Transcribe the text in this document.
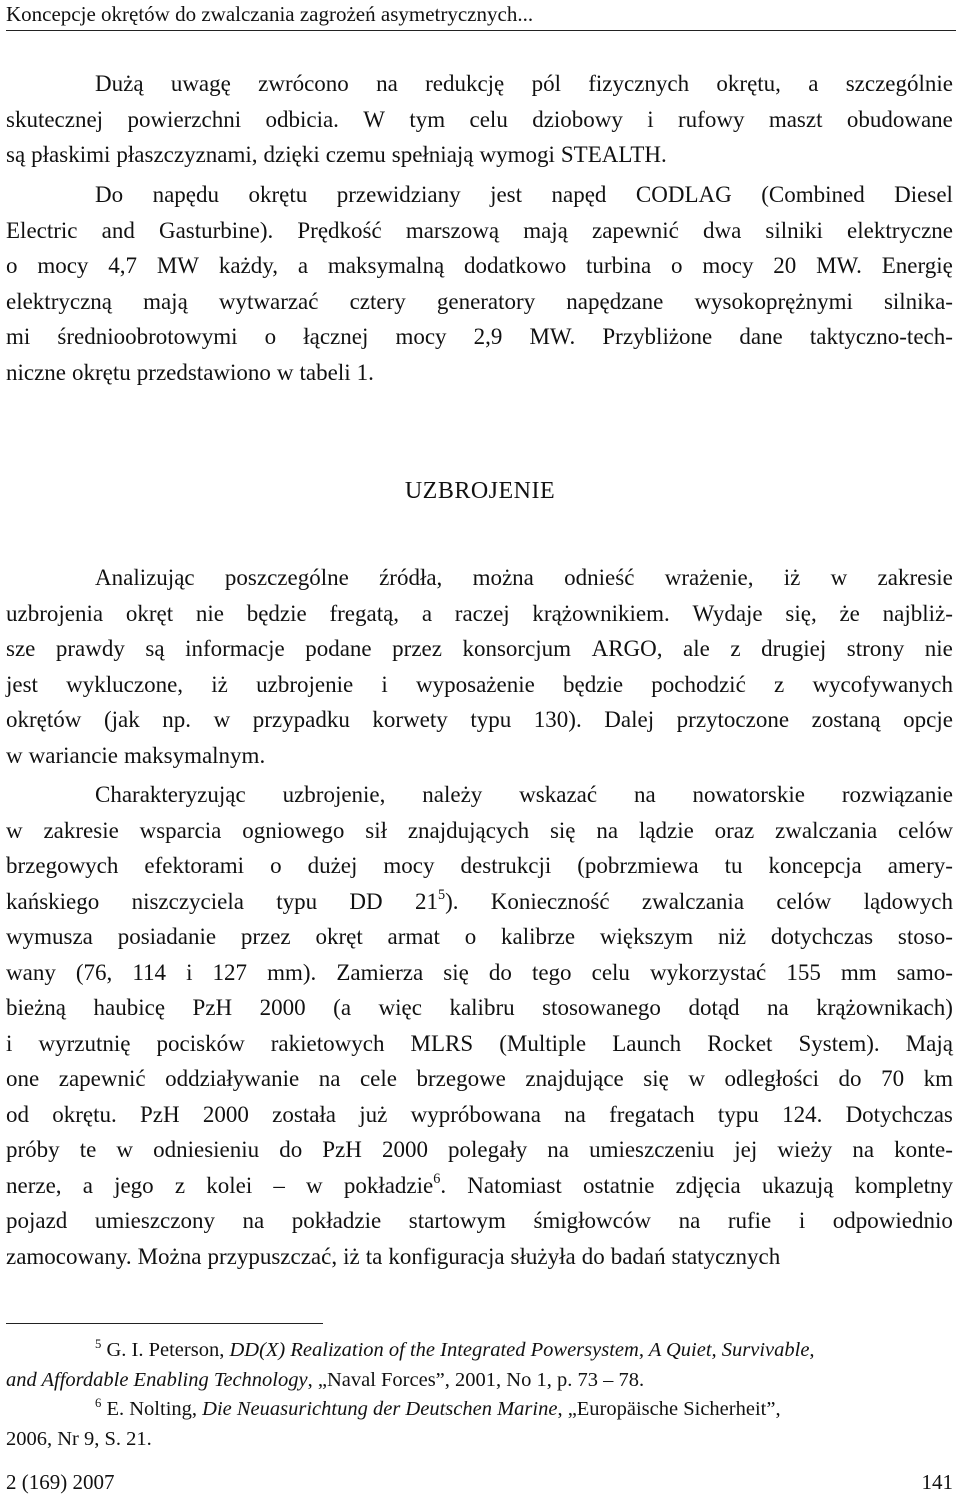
Koncepcje okrętów do zwalczania zagrożeń asymetrycznych...
Dużą uwagę zwrócono na redukcję pól fizycznych okrętu, a szczególnie
skutecznej powierzchni odbicia. W tym celu dziobowy i rufowy maszt obudowane
są płaskimi płaszczyznami, dzięki czemu spełniają wymogi STEALTH.
Do napędu okrętu przewidziany jest napęd CODLAG (Combined Diesel
Electric and Gasturbine). Prędkość marszową mają zapewnić dwa silniki elektryczne
o mocy 4,7 MW każdy, a maksymalną dodatkowo turbina o mocy 20 MW. Energię
elektryczną mają wytwarzać cztery generatory napędzane wysokoprężnymi silnika-
mi średnioobrotowymi o łącznej mocy 2,9 MW. Przybliżone dane taktyczno-tech-
niczne okrętu przedstawiono w tabeli 1.
UZBROJENIE
Analizując poszczególne źródła, można odnieść wrażenie, iż w zakresie
uzbrojenia okręt nie będzie fregatą, a raczej krążownikiem. Wydaje się, że najbliż-
sze prawdy są informacje podane przez konsorcjum ARGO, ale z drugiej strony nie
jest wykluczone, iż uzbrojenie i wyposażenie będzie pochodzić z wycofywanych
okrętów (jak np. w przypadku korwety typu 130). Dalej przytoczone zostaną opcje
w wariancie maksymalnym.
Charakteryzując uzbrojenie, należy wskazać na nowatorskie rozwiązanie
w zakresie wsparcia ogniowego sił znajdujących się na lądzie oraz zwalczania celów
brzegowych efektorami o dużej mocy destrukcji (pobrzmiewa tu koncepcja amery-
kańskiego niszczyciela typu DD $21^5$). Konieczność zwalczania celów lądowych
wymusza posiadanie przez okręt armat o kalibrze większym niż dotychczas stoso-
wany (76, 114 i 127 mm). Zamierza się do tego celu wykorzystać 155 mm samo-
bieżną haubicę PzH 2000 (a więc kalibru stosowanego dotąd na krążownikach)
i wyrzutnię pocisków rakietowych MLRS (Multiple Launch Rocket System). Mają
one zapewnić oddziaływanie na cele brzegowe znajdujące się w odległości do 70 km
od okrętu. PzH 2000 została już wypróbowana na fregatach typu 124. Dotychczas
próby te w odniesieniu do PzH 2000 polegały na umieszczeniu jej wieży na konte-
nerze, a jego z kolei – w pokładzie$^6$. Natomiast ostatnie zdjęcia ukazują kompletny
pojazd umieszczony na pokładzie startowym śmigłowców na rufie i odpowiednio
zamocowany. Można przypuszczać, iż ta konfiguracja służyła do badań statycznych
$^5$ G. I. Peterson, DD(X) Realization of the Integrated Powersystem, A Quiet, Survivable,
and Affordable Enabling Technology, „Naval Forces”, 2001, No 1, p. 73 – 78.
$^6$ E. Nolting, Die Neuasurichtung der Deutschen Marine, „Europäische Sicherheit”,
2006, Nr 9, S. 21.
2 (169) 2007	141
